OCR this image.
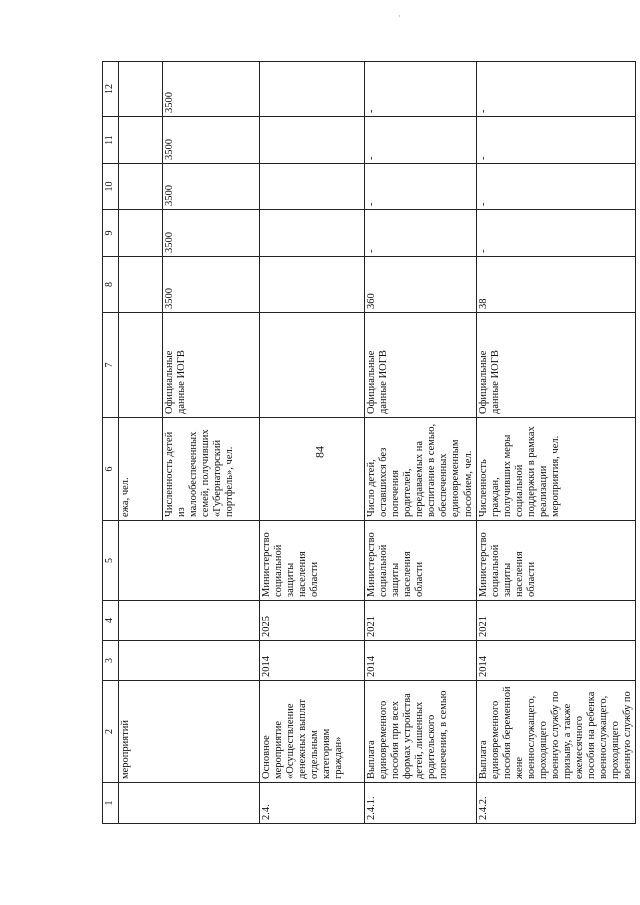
·
84
1	2	3	4	5	6	7	8	9	10	11	12
	мероприятий				ежа, чел.						
					Численность детей из малообеспеченных семей, получивших «Губернаторский портфель», чел.	Официальные данные ИОГВ	3500	3500	3500	3500	3500
2.4.	Основное мероприятие «Осуществление денежных выплат отдельным категориям граждан»	2014	2025	Министерство социальной защиты населения области							
2.4.1.	Выплата единовременного пособия при всех формах устройства детей, лишенных родительского попечения, в семью	2014	2021	Министерство социальной защиты населения области	Число детей, оставшихся без попечения родителей, передаваемых на воспитание в семью, обеспеченных единовременным пособием, чел.	Официальные данные ИОГВ	360	-	-	-	-
2.4.2.	Выплата единовременного пособия беременной жене военнослужащего, проходящего военную службу по призыву, а также ежемесячного пособия на ребенка военнослужащего, проходящего военную службу по	2014	2021	Министерство социальной защиты населения области	Численность граждан, получивших меры социальной поддержки в рамках реализации мероприятия, чел.	Официальные данные ИОГВ	38	-	-	-	-
